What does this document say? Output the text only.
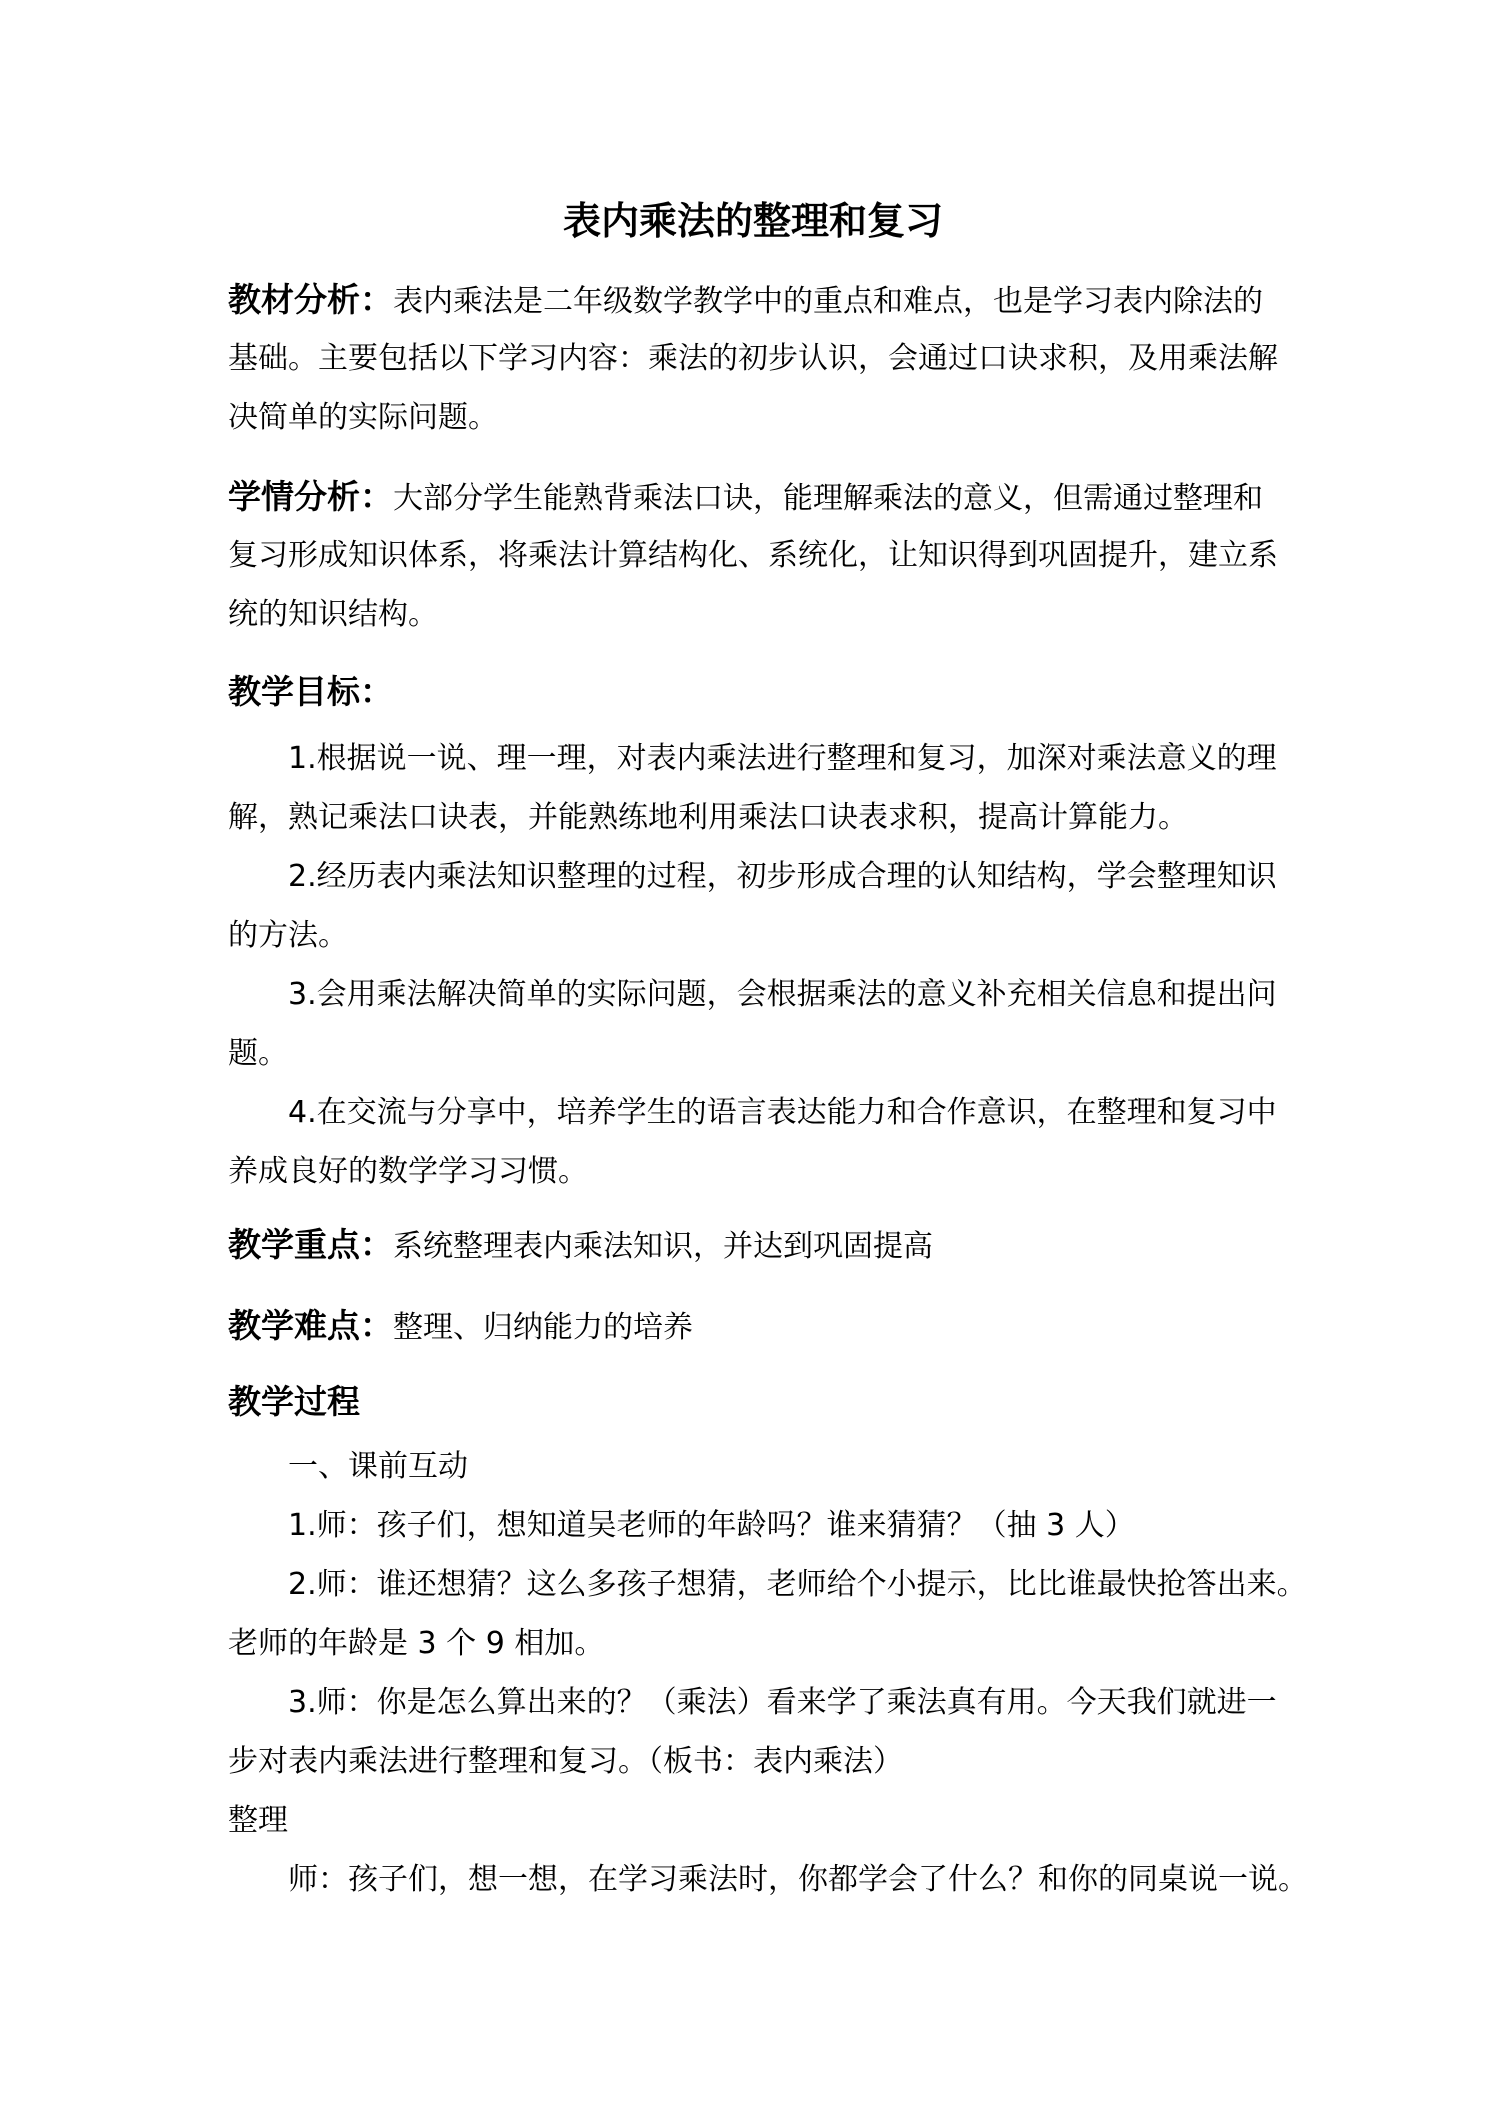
表内乘法的整理和复习
教材分析：表内乘法是二年级数学教学中的重点和难点，也是学习表内除法的
基础。主要包括以下学习内容：乘法的初步认识，会通过口诀求积，及用乘法解
决简单的实际问题。
学情分析：大部分学生能熟背乘法口诀，能理解乘法的意义，但需通过整理和
复习形成知识体系，将乘法计算结构化、系统化，让知识得到巩固提升，建立系
统的知识结构。
教学目标：
1.根据说一说、理一理，对表内乘法进行整理和复习，加深对乘法意义的理
解，熟记乘法口诀表，并能熟练地利用乘法口诀表求积，提高计算能力。
2.经历表内乘法知识整理的过程，初步形成合理的认知结构，学会整理知识
的方法。
3.会用乘法解决简单的实际问题，会根据乘法的意义补充相关信息和提出问
题。
4.在交流与分享中，培养学生的语言表达能力和合作意识，在整理和复习中
养成良好的数学学习习惯。
教学重点：系统整理表内乘法知识，并达到巩固提高
教学难点：整理、归纳能力的培养
教学过程
一、课前互动
1.师：孩子们，想知道吴老师的年龄吗？谁来猜猜？（抽 3 人）
2.师：谁还想猜？这么多孩子想猜，老师给个小提示，比比谁最快抢答出来。
老师的年龄是 3 个 9 相加。
3.师：你是怎么算出来的？（乘法）看来学了乘法真有用。今天我们就进一
步对表内乘法进行整理和复习。（板书：表内乘法）
整理
师：孩子们，想一想，在学习乘法时，你都学会了什么？和你的同桌说一说。
